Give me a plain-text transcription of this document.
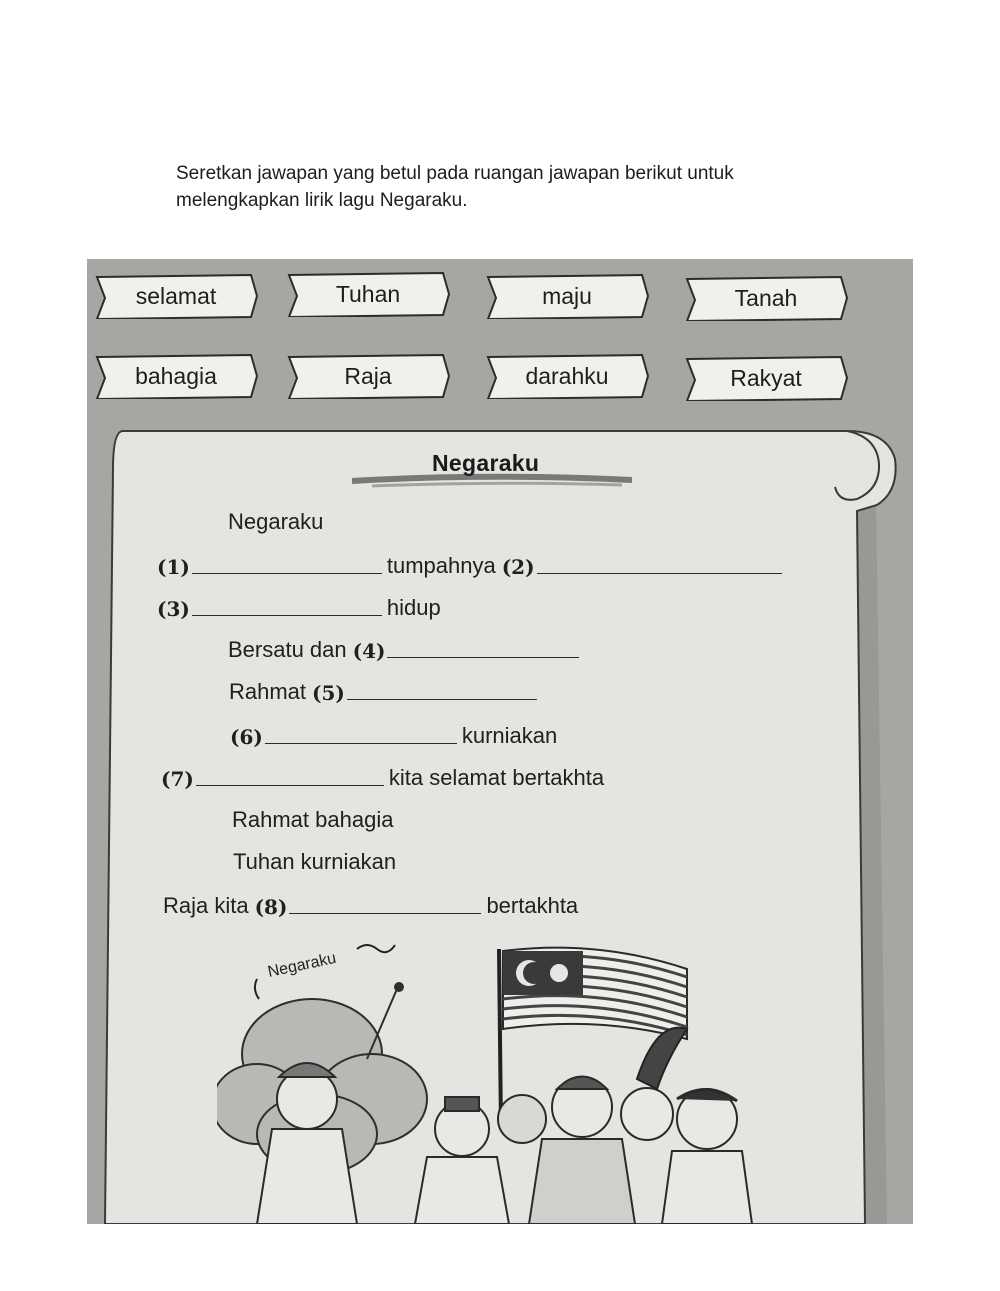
Seretkan jawapan yang betul pada ruangan jawapan berikut untuk melengkapkan lirik lagu Negaraku.
selamat	Tuhan	maju	Tanah
bahagia	Raja	darahku	Rakyat
Negaraku
Negaraku
(1)	tumpahnya (2)
(3)	hidup
Bersatu dan (4)
Rahmat (5)
(6)	kurniakan
(7)	kita selamat bertakhta
Rahmat bahagia
Tuhan kurniakan
Raja kita (8)	bertakhta
Negaraku
